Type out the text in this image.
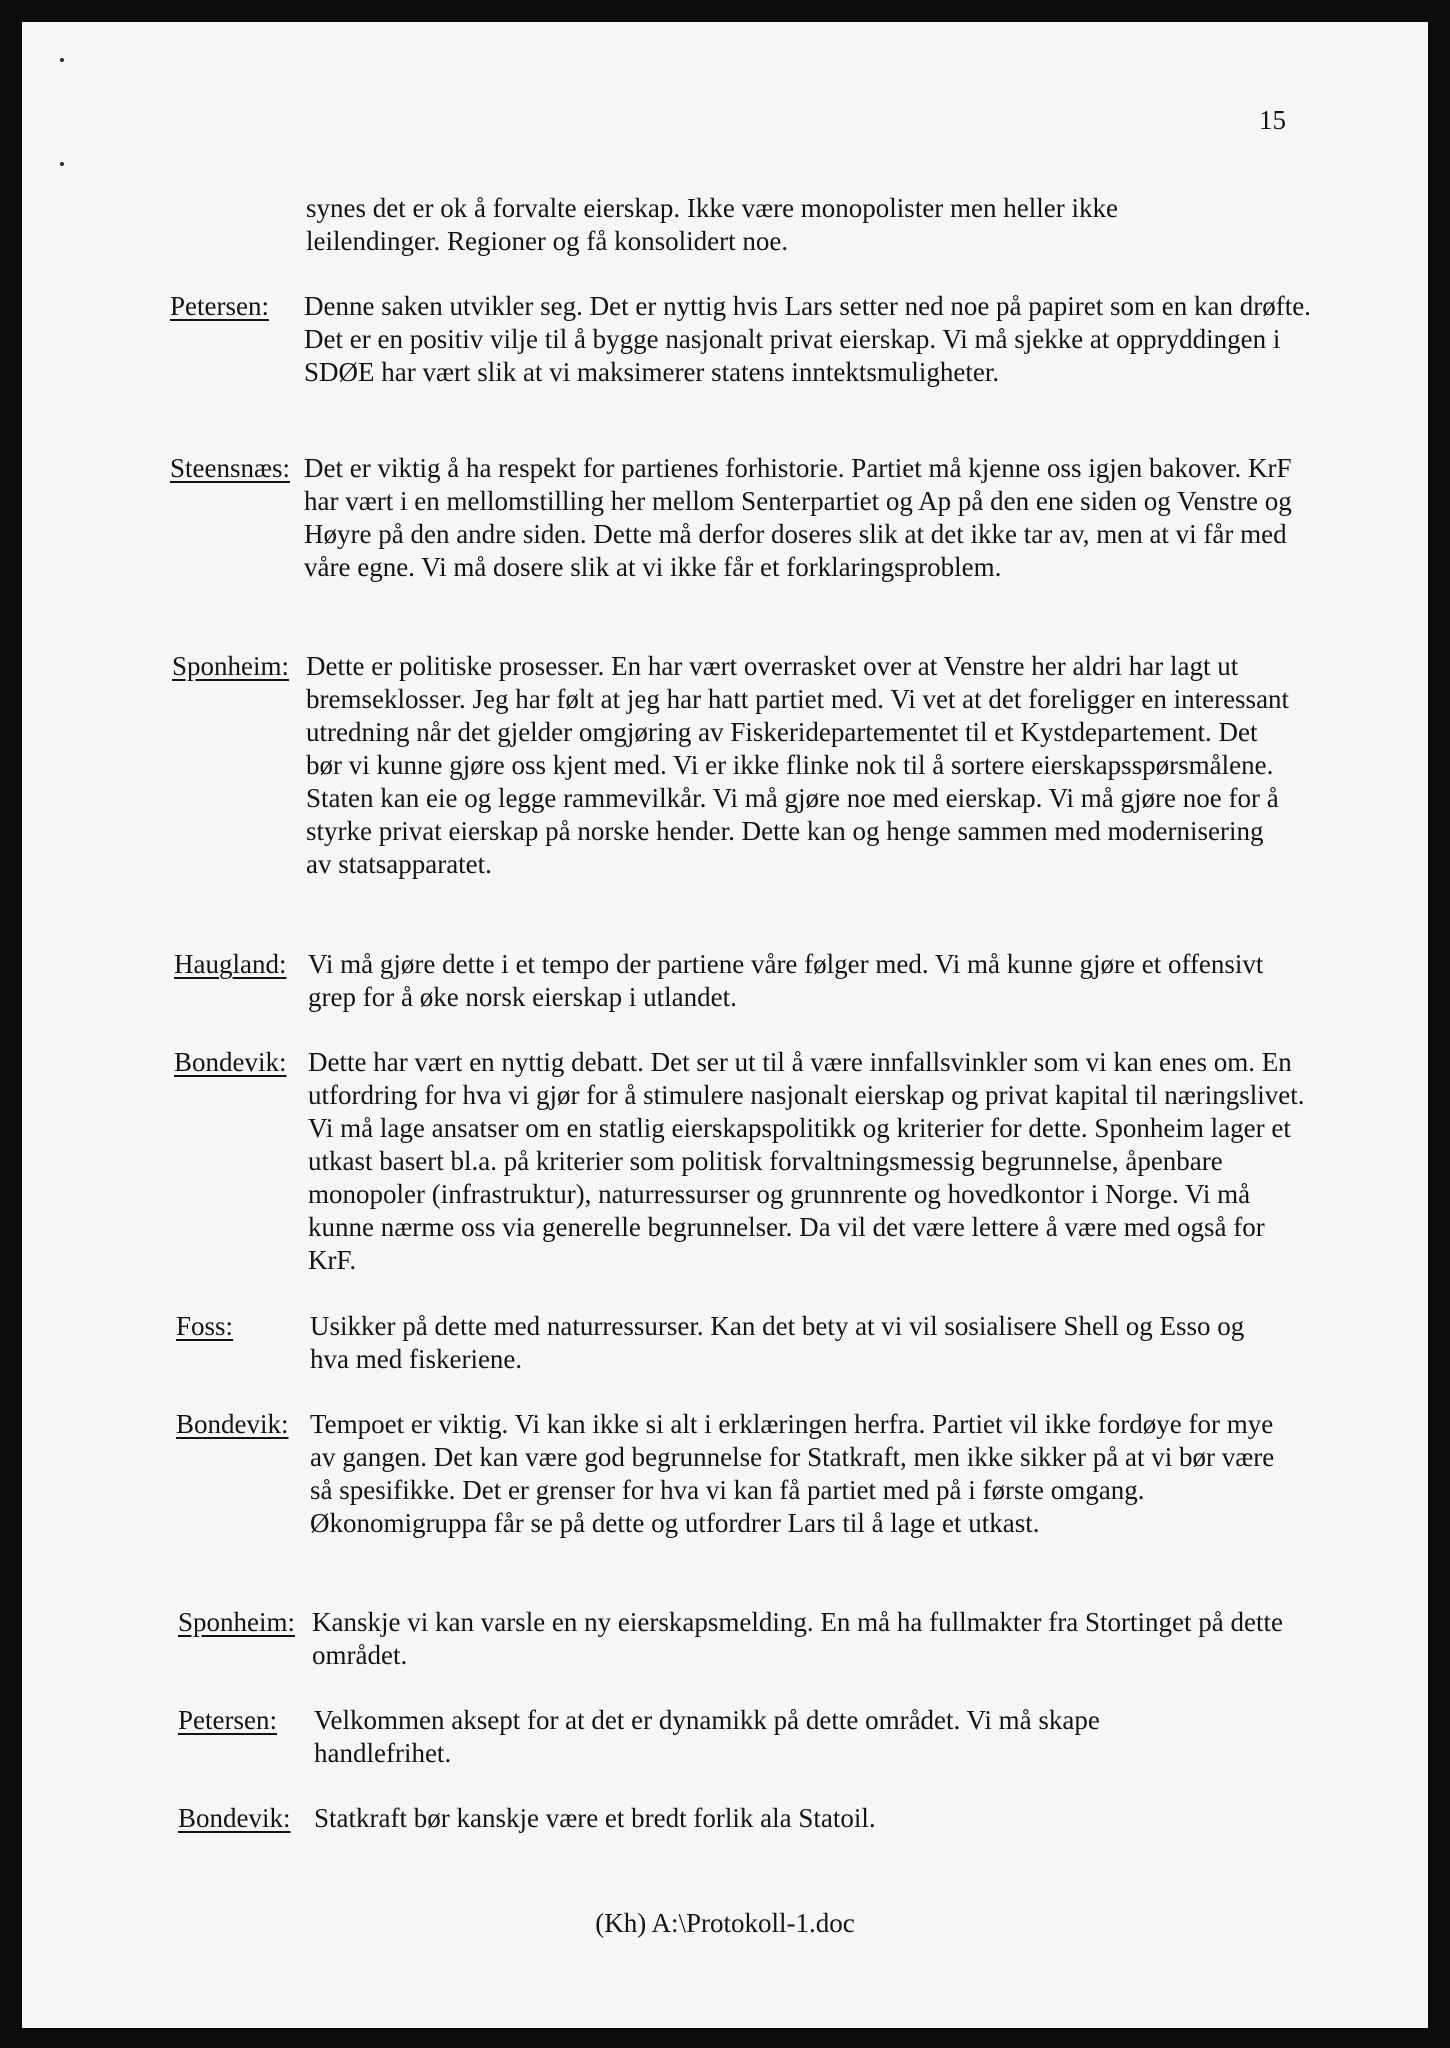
15

synes det er ok å forvalte eierskap. Ikke være monopolister men heller ikke leilendinger. Regioner og få konsolidert noe.

Petersen: Denne saken utvikler seg. Det er nyttig hvis Lars setter ned noe på papiret som en kan drøfte. Det er en positiv vilje til å bygge nasjonalt privat eierskap. Vi må sjekke at oppryddingen i SDØE har vært slik at vi maksimerer statens inntektsmuligheter.

Steensnæs: Det er viktig å ha respekt for partienes forhistorie. Partiet må kjenne oss igjen bakover. KrF har vært i en mellomstilling her mellom Senterpartiet og Ap på den ene siden og Venstre og Høyre på den andre siden. Dette må derfor doseres slik at det ikke tar av, men at vi får med våre egne. Vi må dosere slik at vi ikke får et forklaringsproblem.

Sponheim: Dette er politiske prosesser. En har vært overrasket over at Venstre her aldri har lagt ut bremseklosser. Jeg har følt at jeg har hatt partiet med. Vi vet at det foreligger en interessant utredning når det gjelder omgjøring av Fiskeridepartementet til et Kystdepartement. Det bør vi kunne gjøre oss kjent med. Vi er ikke flinke nok til å sortere eierskapsspørsmålene. Staten kan eie og legge rammevilkår. Vi må gjøre noe med eierskap. Vi må gjøre noe for å styrke privat eierskap på norske hender. Dette kan og henge sammen med modernisering av statsapparatet.

Haugland: Vi må gjøre dette i et tempo der partiene våre følger med. Vi må kunne gjøre et offensivt grep for å øke norsk eierskap i utlandet.

Bondevik: Dette har vært en nyttig debatt. Det ser ut til å være innfallsvinkler som vi kan enes om. En utfordring for hva vi gjør for å stimulere nasjonalt eierskap og privat kapital til næringslivet. Vi må lage ansatser om en statlig eierskapspolitikk og kriterier for dette. Sponheim lager et utkast basert bl.a. på kriterier som politisk forvaltningsmessig begrunnelse, åpenbare monopoler (infrastruktur), naturressurser og grunnrente og hovedkontor i Norge. Vi må kunne nærme oss via generelle begrunnelser. Da vil det være lettere å være med også for KrF.

Foss:	Usikker på dette med naturressurser. Kan det bety at vi vil sosialisere Shell og Esso og hva med fiskeriene.

Bondevik: Tempoet er viktig. Vi kan ikke si alt i erklæringen herfra. Partiet vil ikke fordøye for mye av gangen. Det kan være god begrunnelse for Statkraft, men ikke sikker på at vi bør være så spesifikke. Det er grenser for hva vi kan få partiet med på i første omgang. Økonomigruppa får se på dette og utfordrer Lars til å lage et utkast.

Sponheim: Kanskje vi kan varsle en ny eierskapsmelding. En må ha fullmakter fra Stortinget på dette området.

Petersen: Velkommen aksept for at det er dynamikk på dette området. Vi må skape handlefrihet.

Bondevik: Statkraft bør kanskje være et bredt forlik ala Statoil.

(Kh) A:\Protokoll-1.doc
